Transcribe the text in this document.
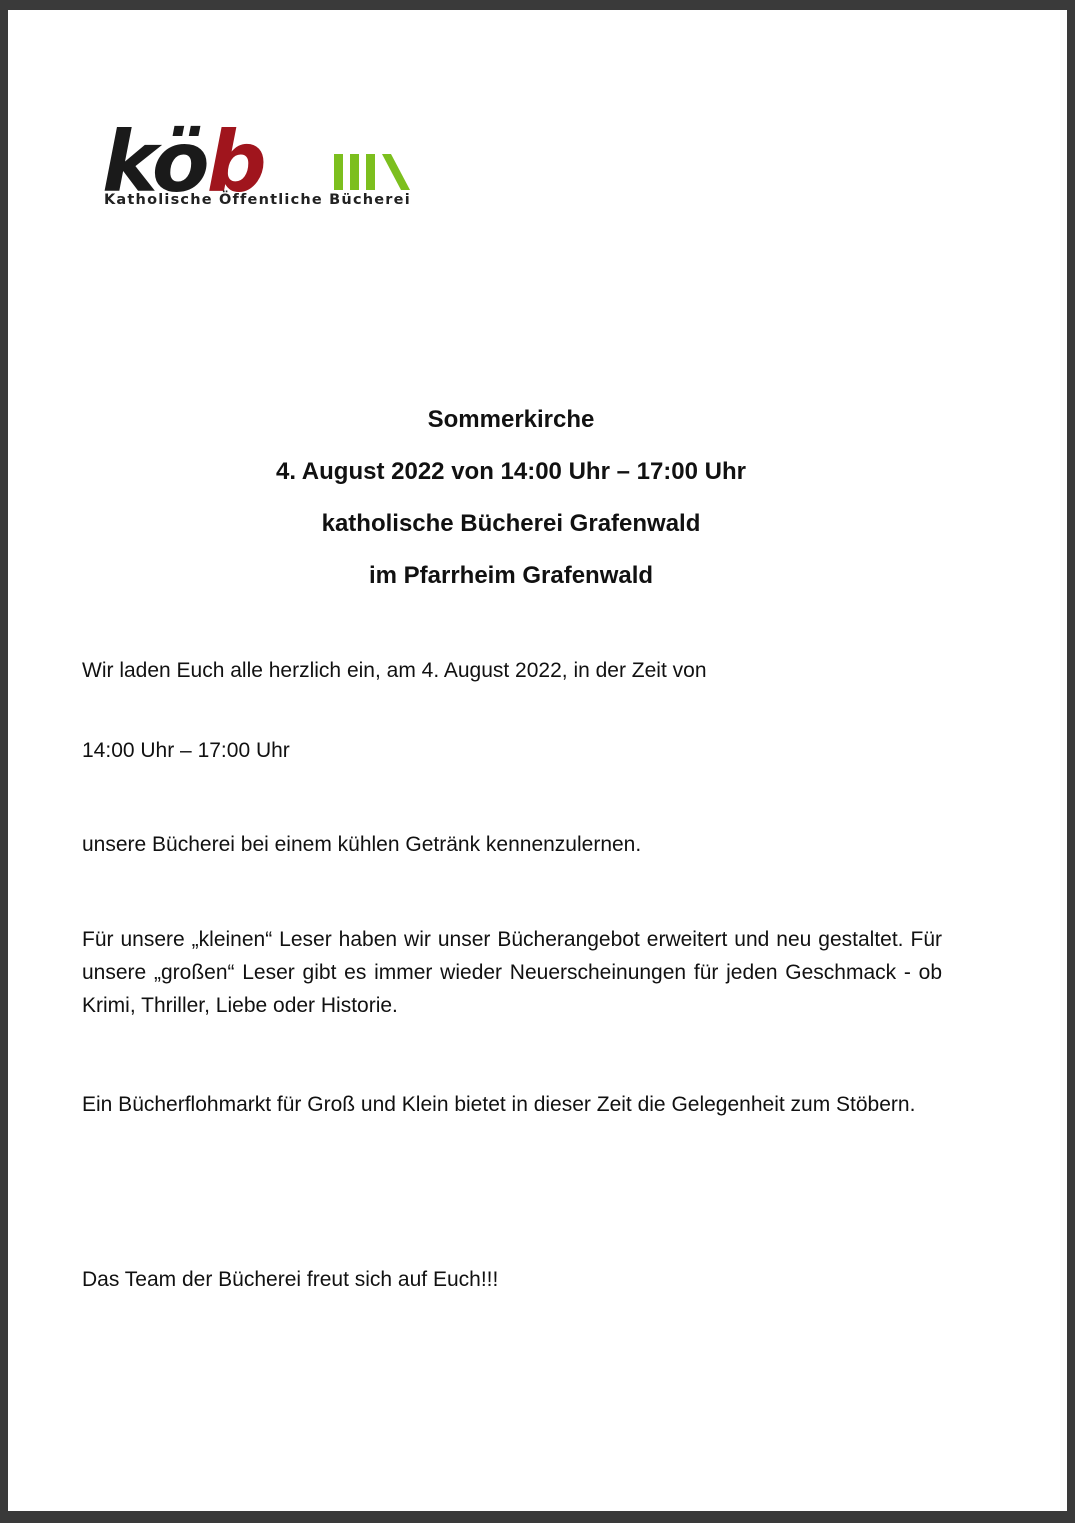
köb
Katholische Öffentliche Bücherei
Sommerkirche
4. August 2022 von 14:00 Uhr – 17:00 Uhr
katholische Bücherei Grafenwald
im Pfarrheim Grafenwald
Wir laden Euch alle herzlich ein, am 4. August 2022, in der Zeit von
14:00 Uhr – 17:00 Uhr
unsere Bücherei bei einem kühlen Getränk kennenzulernen.
Für unsere „kleinen“ Leser haben wir unser Bücherangebot erweitert und neu gestaltet. Für unsere „großen“ Leser gibt es immer wieder Neuerscheinungen für jeden Geschmack - ob Krimi, Thriller, Liebe oder Historie.
Ein Bücherflohmarkt für Groß und Klein bietet in dieser Zeit die Gelegenheit zum Stöbern.
Das Team der Bücherei freut sich auf Euch!!!
